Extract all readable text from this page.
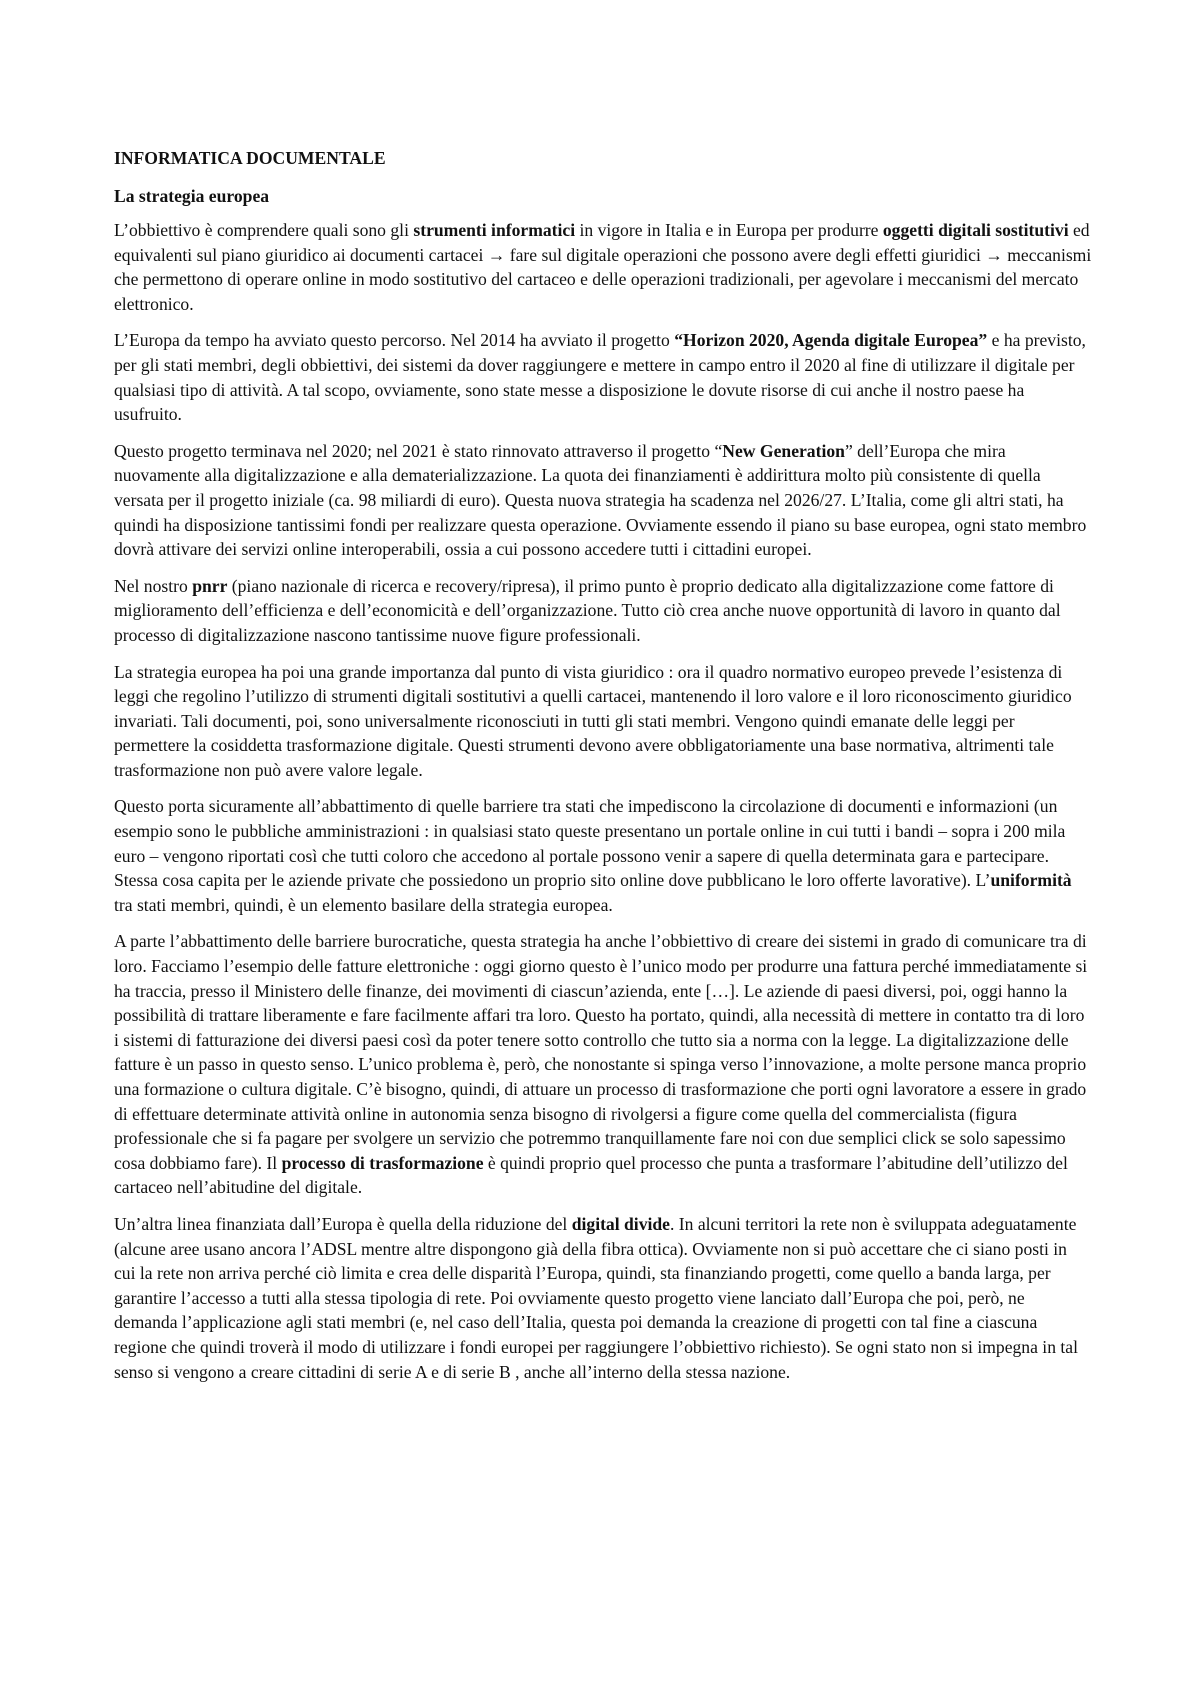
INFORMATICA DOCUMENTALE
La strategia europea

L’obbiettivo è comprendere quali sono gli strumenti informatici in vigore in Italia e in Europa per produrre oggetti digitali sostitutivi ed equivalenti sul piano giuridico ai documenti cartacei → fare sul digitale operazioni che possono avere degli effetti giuridici → meccanismi che permettono di operare online in modo sostitutivo del cartaceo e delle operazioni tradizionali, per agevolare i meccanismi del mercato elettronico.

L’Europa da tempo ha avviato questo percorso. Nel 2014 ha avviato il progetto “Horizon 2020, Agenda digitale Europea” e ha previsto, per gli stati membri, degli obbiettivi, dei sistemi da dover raggiungere e mettere in campo entro il 2020 al fine di utilizzare il digitale per qualsiasi tipo di attività. A tal scopo, ovviamente, sono state messe a disposizione le dovute risorse di cui anche il nostro paese ha usufruito.

Questo progetto terminava nel 2020; nel 2021 è stato rinnovato attraverso il progetto “New Generation” dell’Europa che mira nuovamente alla digitalizzazione e alla dematerializzazione. La quota dei finanziamenti è addirittura molto più consistente di quella versata per il progetto iniziale (ca. 98 miliardi di euro). Questa nuova strategia ha scadenza nel 2026/27. L’Italia, come gli altri stati, ha quindi ha disposizione tantissimi fondi per realizzare questa operazione. Ovviamente essendo il piano su base europea, ogni stato membro dovrà attivare dei servizi online interoperabili, ossia a cui possono accedere tutti i cittadini europei.

Nel nostro pnrr (piano nazionale di ricerca e recovery/ripresa), il primo punto è proprio dedicato alla digitalizzazione come fattore di miglioramento dell’efficienza e dell’economicità e dell’organizzazione. Tutto ciò crea anche nuove opportunità di lavoro in quanto dal processo di digitalizzazione nascono tantissime nuove figure professionali.

La strategia europea ha poi una grande importanza dal punto di vista giuridico : ora il quadro normativo europeo prevede l’esistenza di leggi che regolino l’utilizzo di strumenti digitali sostitutivi a quelli cartacei, mantenendo il loro valore e il loro riconoscimento giuridico invariati. Tali documenti, poi, sono universalmente riconosciuti in tutti gli stati membri. Vengono quindi emanate delle leggi per permettere la cosiddetta trasformazione digitale. Questi strumenti devono avere obbligatoriamente una base normativa, altrimenti tale trasformazione non può avere valore legale.

Questo porta sicuramente all’abbattimento di quelle barriere tra stati che impediscono la circolazione di documenti e informazioni (un esempio sono le pubbliche amministrazioni : in qualsiasi stato queste presentano un portale online in cui tutti i bandi – sopra i 200 mila euro – vengono riportati così che tutti coloro che accedono al portale possono venir a sapere di quella determinata gara e partecipare. Stessa cosa capita per le aziende private che possiedono un proprio sito online dove pubblicano le loro offerte lavorative). L’uniformità tra stati membri, quindi, è un elemento basilare della strategia europea.

A parte l’abbattimento delle barriere burocratiche, questa strategia ha anche l’obbiettivo di creare dei sistemi in grado di comunicare tra di loro. Facciamo l’esempio delle fatture elettroniche : oggi giorno questo è l’unico modo per produrre una fattura perché immediatamente si ha traccia, presso il Ministero delle finanze, dei movimenti di ciascun’azienda, ente […]. Le aziende di paesi diversi, poi, oggi hanno la possibilità di trattare liberamente e fare facilmente affari tra loro. Questo ha portato, quindi, alla necessità di mettere in contatto tra di loro i sistemi di fatturazione dei diversi paesi così da poter tenere sotto controllo che tutto sia a norma con la legge. La digitalizzazione delle fatture è un passo in questo senso. L’unico problema è, però, che nonostante si spinga verso l’innovazione, a molte persone manca proprio una formazione o cultura digitale. C’è bisogno, quindi, di attuare un processo di trasformazione che porti ogni lavoratore a essere in grado di effettuare determinate attività online in autonomia senza bisogno di rivolgersi a figure come quella del commercialista (figura professionale che si fa pagare per svolgere un servizio che potremmo tranquillamente fare noi con due semplici click se solo sapessimo cosa dobbiamo fare). Il processo di trasformazione è quindi proprio quel processo che punta a trasformare l’abitudine dell’utilizzo del cartaceo nell’abitudine del digitale.

Un’altra linea finanziata dall’Europa è quella della riduzione del digital divide. In alcuni territori la rete non è sviluppata adeguatamente (alcune aree usano ancora l’ADSL mentre altre dispongono già della fibra ottica). Ovviamente non si può accettare che ci siano posti in cui la rete non arriva perché ciò limita e crea delle disparità l’Europa, quindi, sta finanziando progetti, come quello a banda larga, per garantire l’accesso a tutti alla stessa tipologia di rete. Poi ovviamente questo progetto viene lanciato dall’Europa che poi, però, ne demanda l’applicazione agli stati membri (e, nel caso dell’Italia, questa poi demanda la creazione di progetti con tal fine a ciascuna regione che quindi troverà il modo di utilizzare i fondi europei per raggiungere l’obbiettivo richiesto). Se ogni stato non si impegna in tal senso si vengono a creare cittadini di serie A e di serie B , anche all’interno della stessa nazione.
